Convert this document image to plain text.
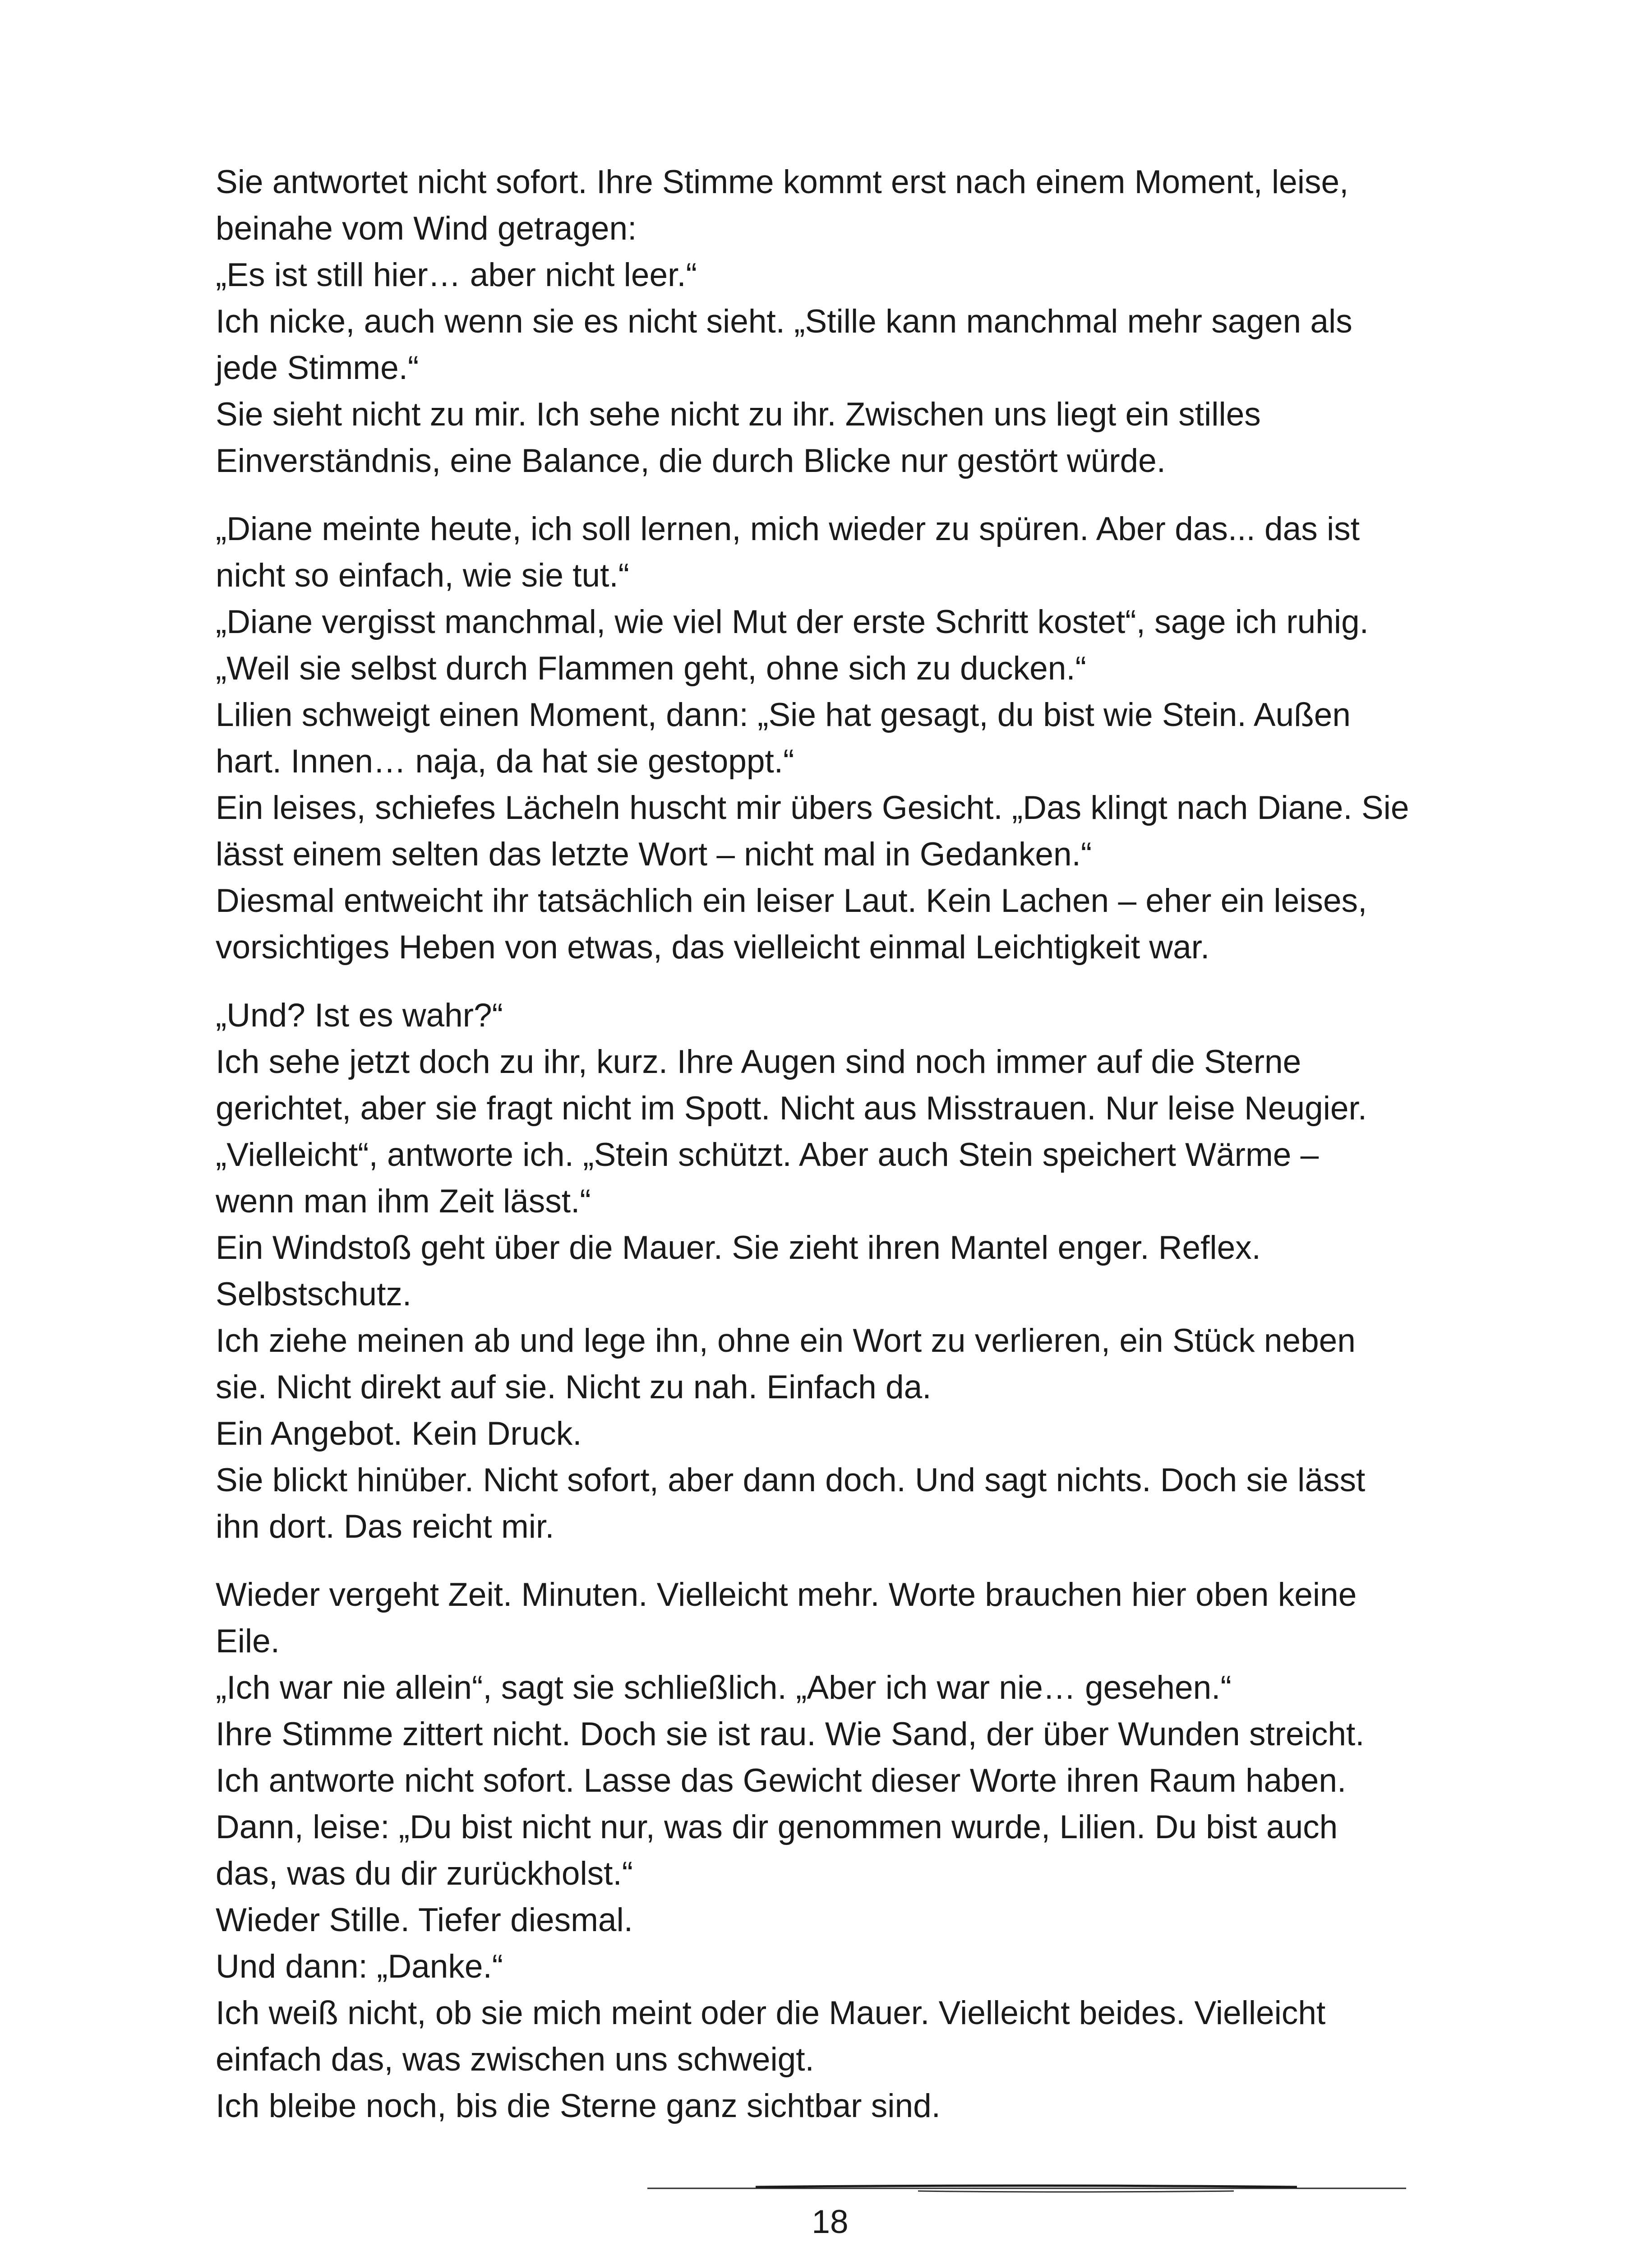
Sie antwortet nicht sofort. Ihre Stimme kommt erst nach einem Moment, leise,
beinahe vom Wind getragen:
„Es ist still hier… aber nicht leer.“
Ich nicke, auch wenn sie es nicht sieht. „Stille kann manchmal mehr sagen als
jede Stimme.“
Sie sieht nicht zu mir. Ich sehe nicht zu ihr. Zwischen uns liegt ein stilles
Einverständnis, eine Balance, die durch Blicke nur gestört würde.
„Diane meinte heute, ich soll lernen, mich wieder zu spüren. Aber das... das ist
nicht so einfach, wie sie tut.“
„Diane vergisst manchmal, wie viel Mut der erste Schritt kostet“, sage ich ruhig.
„Weil sie selbst durch Flammen geht, ohne sich zu ducken.“
Lilien schweigt einen Moment, dann: „Sie hat gesagt, du bist wie Stein. Außen
hart. Innen… naja, da hat sie gestoppt.“
Ein leises, schiefes Lächeln huscht mir übers Gesicht. „Das klingt nach Diane. Sie
lässt einem selten das letzte Wort – nicht mal in Gedanken.“
Diesmal entweicht ihr tatsächlich ein leiser Laut. Kein Lachen – eher ein leises,
vorsichtiges Heben von etwas, das vielleicht einmal Leichtigkeit war.
„Und? Ist es wahr?“
Ich sehe jetzt doch zu ihr, kurz. Ihre Augen sind noch immer auf die Sterne
gerichtet, aber sie fragt nicht im Spott. Nicht aus Misstrauen. Nur leise Neugier.
„Vielleicht“, antworte ich. „Stein schützt. Aber auch Stein speichert Wärme –
wenn man ihm Zeit lässt.“
Ein Windstoß geht über die Mauer. Sie zieht ihren Mantel enger. Reflex.
Selbstschutz.
Ich ziehe meinen ab und lege ihn, ohne ein Wort zu verlieren, ein Stück neben
sie. Nicht direkt auf sie. Nicht zu nah. Einfach da.
Ein Angebot. Kein Druck.
Sie blickt hinüber. Nicht sofort, aber dann doch. Und sagt nichts. Doch sie lässt
ihn dort. Das reicht mir.
Wieder vergeht Zeit. Minuten. Vielleicht mehr. Worte brauchen hier oben keine
Eile.
„Ich war nie allein“, sagt sie schließlich. „Aber ich war nie… gesehen.“
Ihre Stimme zittert nicht. Doch sie ist rau. Wie Sand, der über Wunden streicht.
Ich antworte nicht sofort. Lasse das Gewicht dieser Worte ihren Raum haben.
Dann, leise: „Du bist nicht nur, was dir genommen wurde, Lilien. Du bist auch
das, was du dir zurückholst.“
Wieder Stille. Tiefer diesmal.
Und dann: „Danke.“
Ich weiß nicht, ob sie mich meint oder die Mauer. Vielleicht beides. Vielleicht
einfach das, was zwischen uns schweigt.
Ich bleibe noch, bis die Sterne ganz sichtbar sind.
18
